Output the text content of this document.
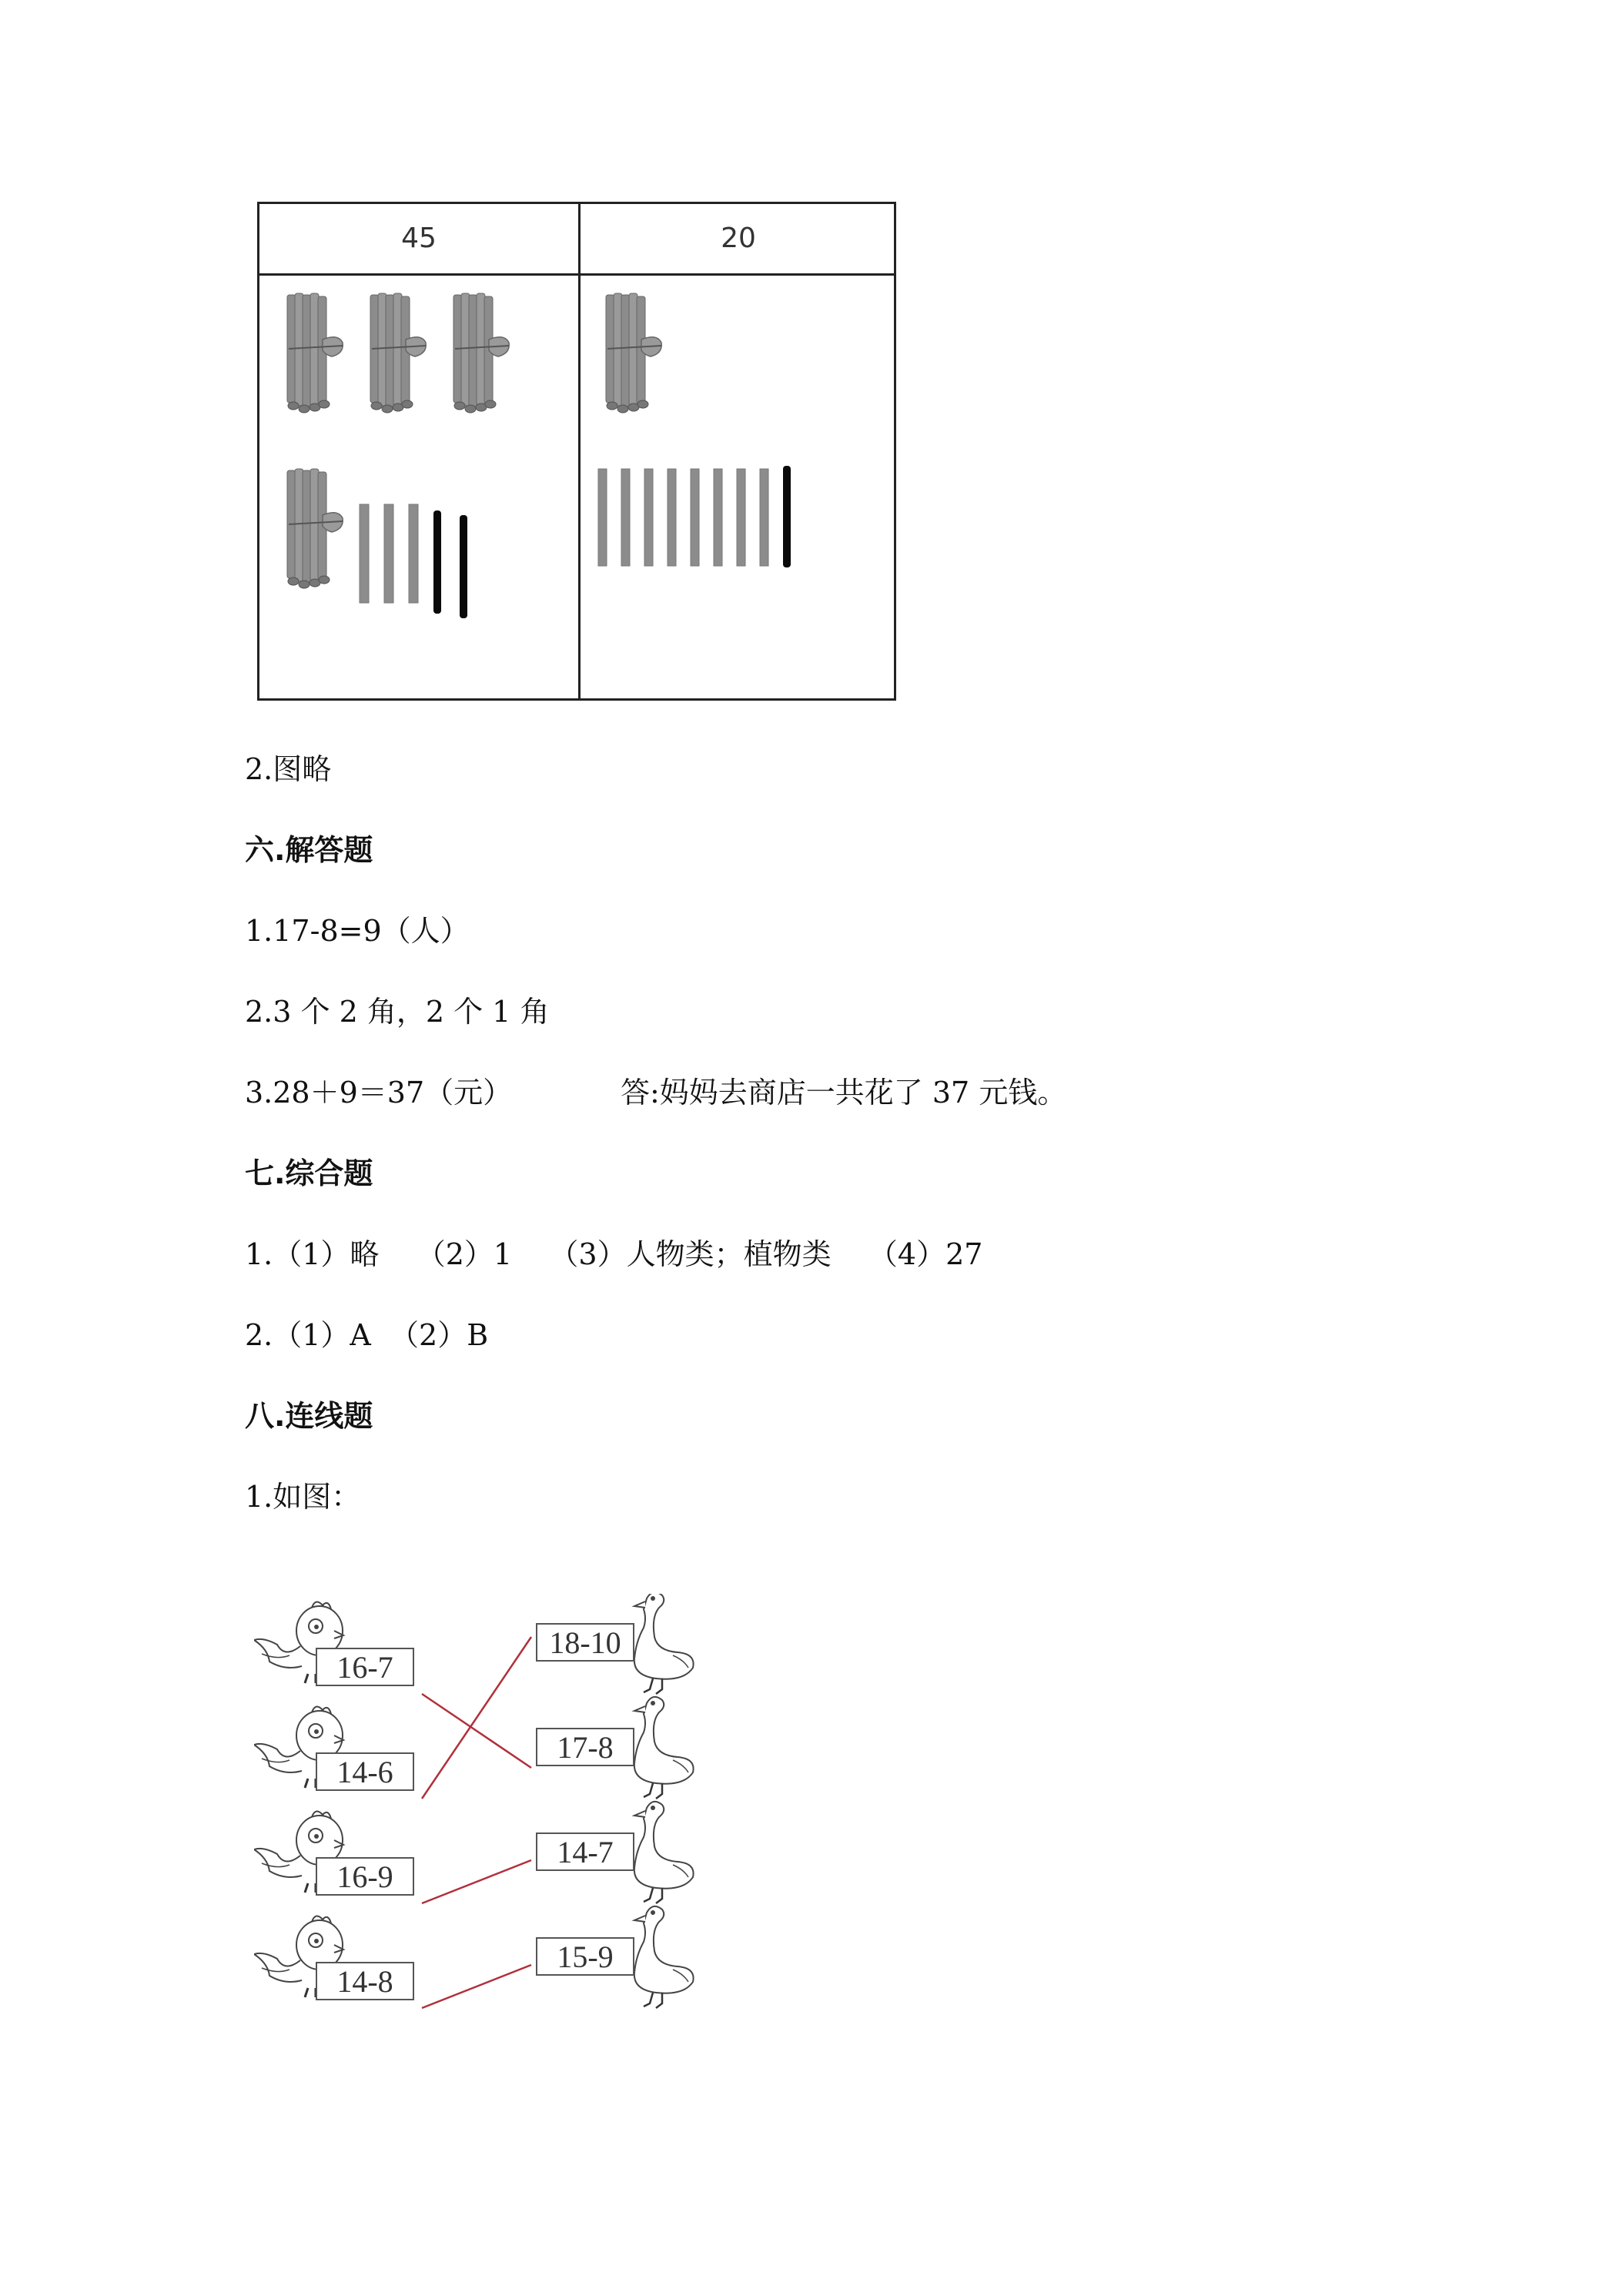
45	20
2.图略
六.解答题
1.17-8=9（人）
2.3 个 2 角，2 个 1 角
3.28＋9＝37（元）	答:妈妈去商店一共花了 37 元钱。
七.综合题
1.（1）略    （2）1    （3）人物类；植物类    （4）27
2.（1）A  （2）B
八.连线题
1.如图：
16-7
14-6
16-9
14-8
18-10
17-8
14-7
15-9
